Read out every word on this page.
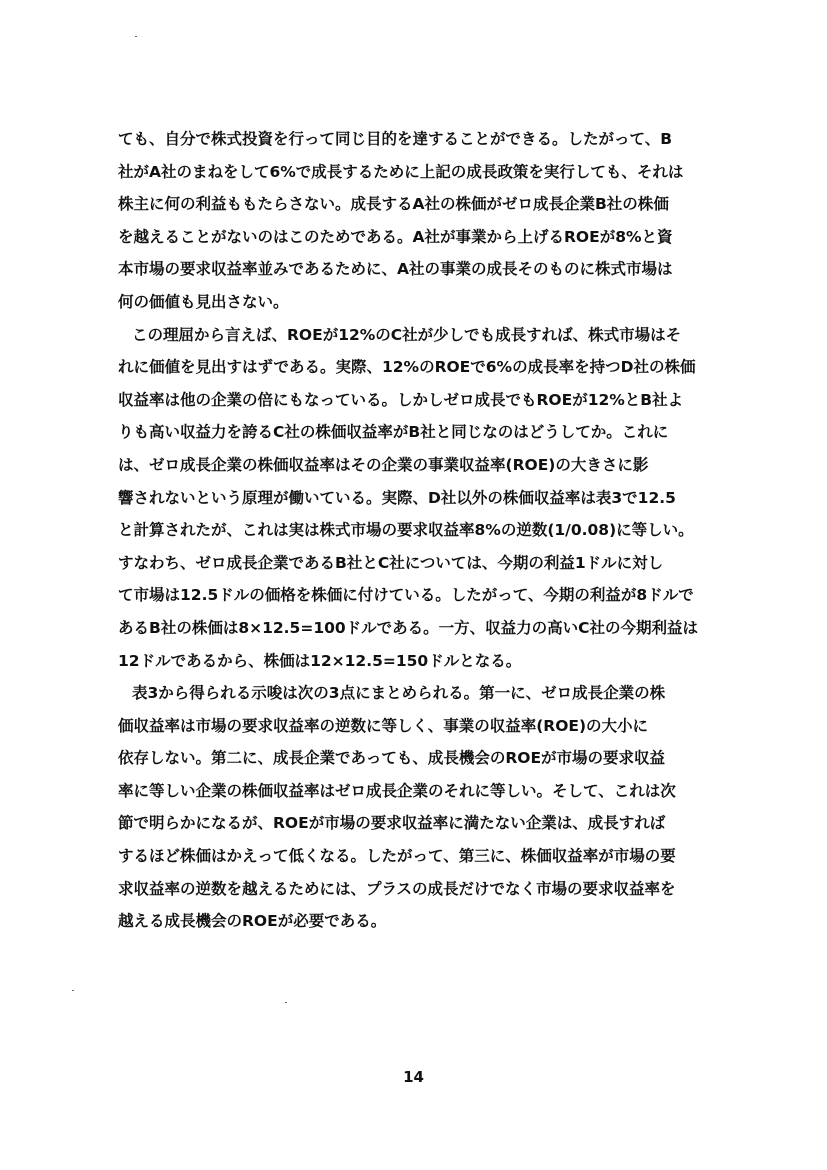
ても、自分で株式投資を行って同じ目的を達することができる。したがって、B
社がA社のまねをして6%で成長するために上記の成長政策を実行しても、それは
株主に何の利益ももたらさない。成長するA社の株価がゼロ成長企業B社の株価
を越えることがないのはこのためである。A社が事業から上げるROEが8%と資
本市場の要求収益率並みであるために、A社の事業の成長そのものに株式市場は
何の価値も見出さない。
この理屈から言えば、ROEが12%のC社が少しでも成長すれば、株式市場はそ
れに価値を見出すはずである。実際、12%のROEで6%の成長率を持つD社の株価
収益率は他の企業の倍にもなっている。しかしゼロ成長でもROEが12%とB社よ
りも高い収益力を誇るC社の株価収益率がB社と同じなのはどうしてか。これに
は、ゼロ成長企業の株価収益率はその企業の事業収益率(ROE)の大きさに影
響されないという原理が働いている。実際、D社以外の株価収益率は表3で12.5
と計算されたが、これは実は株式市場の要求収益率8%の逆数(1/0.08)に等しい。
すなわち、ゼロ成長企業であるB社とC社については、今期の利益1ドルに対し
て市場は12.5ドルの価格を株価に付けている。したがって、今期の利益が8ドルで
あるB社の株価は8×12.5=100ドルである。一方、収益力の高いC社の今期利益は
12ドルであるから、株価は12×12.5=150ドルとなる。
表3から得られる示唆は次の3点にまとめられる。第一に、ゼロ成長企業の株
価収益率は市場の要求収益率の逆数に等しく、事業の収益率(ROE)の大小に
依存しない。第二に、成長企業であっても、成長機会のROEが市場の要求収益
率に等しい企業の株価収益率はゼロ成長企業のそれに等しい。そして、これは次
節で明らかになるが、ROEが市場の要求収益率に満たない企業は、成長すれば
するほど株価はかえって低くなる。したがって、第三に、株価収益率が市場の要
求収益率の逆数を越えるためには、プラスの成長だけでなく市場の要求収益率を
越える成長機会のROEが必要である。
14
